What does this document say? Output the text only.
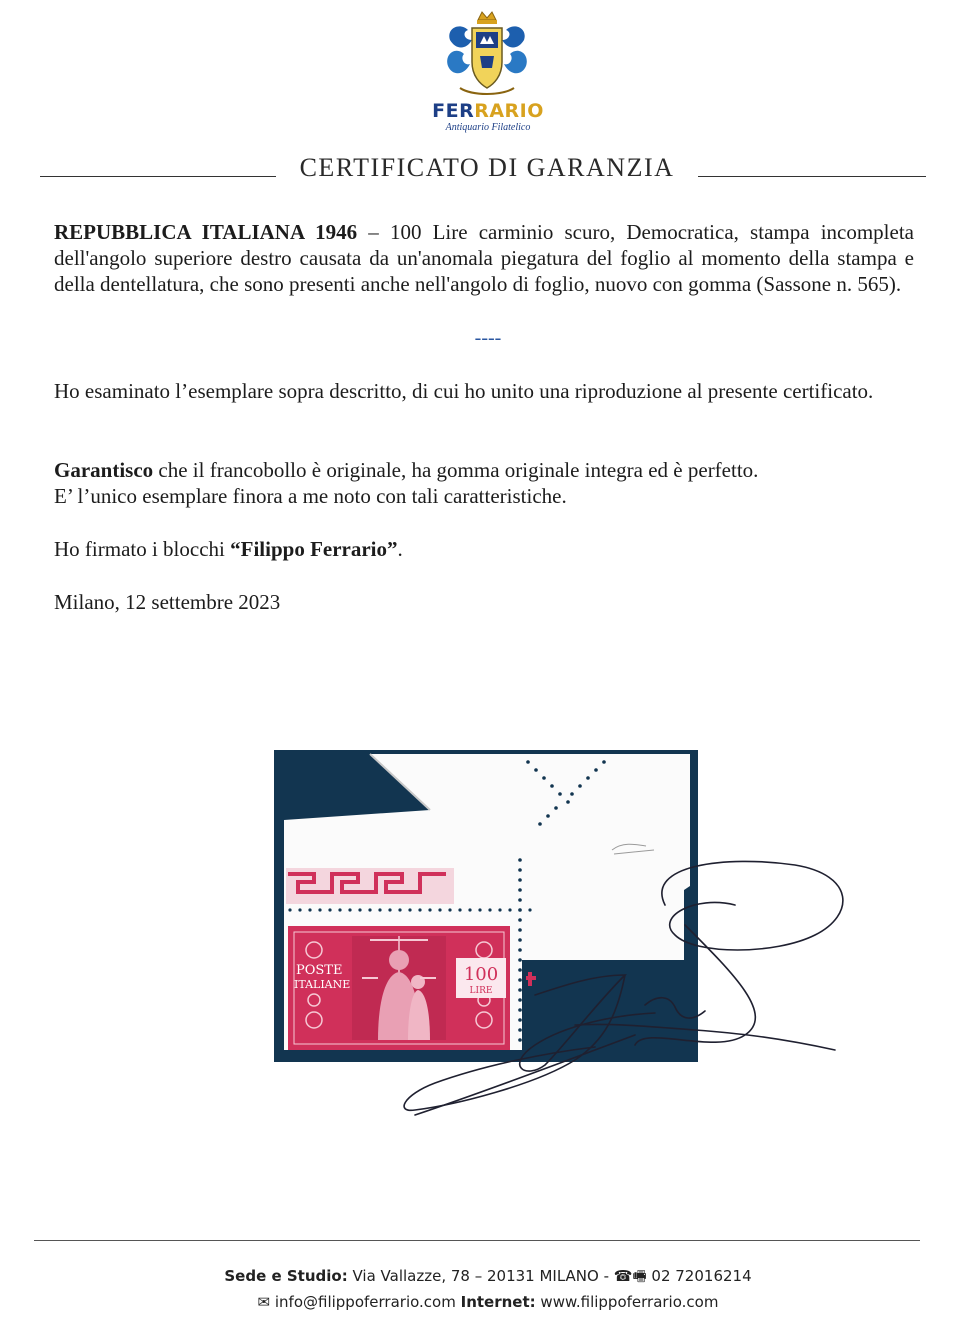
FERRARIO
Antiquario Filatelico
CERTIFICATO DI GARANZIA
REPUBBLICA ITALIANA 1946 – 100 Lire carminio scuro, Democratica, stampa incompleta dell'angolo superiore destro causata da un'anomala piegatura del foglio al momento della stampa e della dentellatura, che sono presenti anche nell'angolo di foglio, nuovo con gomma (Sassone n. 565).
----
Ho esaminato l’esemplare sopra descritto, di cui ho unito una riproduzione al presente certificato.
Garantisco che il francobollo è originale, ha gomma originale integra ed è perfetto.
E’ l’unico esemplare finora a me noto con tali caratteristiche.
Ho firmato i blocchi “Filippo Ferrario”.
Milano, 12 settembre 2023
POSTE
ITALIANE	100
LIRE
Sede e Studio: Via Vallazze, 78 – 20131 MILANO - ☎🖷 02 72016214
✉ info@filippoferrario.com Internet: www.filippoferrario.com
